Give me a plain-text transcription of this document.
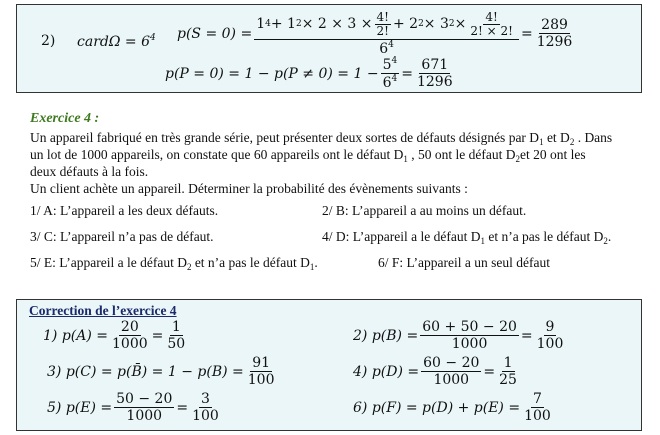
2) cardΩ = $6^4$ p(S = 0) =
1 4 + 1 $2 \times 2 \times 3 \times \frac{4!}{2!} + 2$ 2 × 3 $2 \times \frac{4!}{2! \times 2!}$
$6^4$
= $\frac{289}{1296}$
$p(P = 0) = 1 - p(P \ne 0) = 1 - \frac{5^4}{6^4} = \frac{671}{1296}$
Exercice 4 :
Un appareil fabriqué en très grande série, peut présenter deux sortes de défauts désignés par $D_1$ et $D_2$ . Dans
un lot de 1000 appareils, on constate que 60 appareils ont le défaut $D_1$ , 50 ont le défaut $D_2et$ 20 ont les
deux défauts à la fois.
Un client achète un appareil. Déterminer la probabilité des évènements suivants :
1/ A: L’appareil a les deux défauts.	2/ B: L’appareil a au moins un défaut.
3/ C: L’appareil n’a pas de défaut.	4/ D: L’appareil a le défaut $D_1$ et n’a pas le défaut $D_2$.
5/ E: L’appareil a le défaut $D_2$ et n’a pas le défaut $D_1$.	6/ F: L’appareil a un seul défaut
Correction de l’exercice 4
1) $p(A) = \frac{20}{1000} = \frac{1}{50}$	2) $p(B) = \frac{60 + 50 - 20}{1000} = \frac{9}{100}$
3) p(C) = p(B̄) = $1 - p(B) = \frac{91}{100}$	4) $p(D) = \frac{60 - 20}{1000} = \frac{1}{25}$
5) $p(E) = \frac{50 - 20}{1000} = \frac{3}{100}$	6) $p(F) = p(D) + p(E) = \frac{7}{100}$
